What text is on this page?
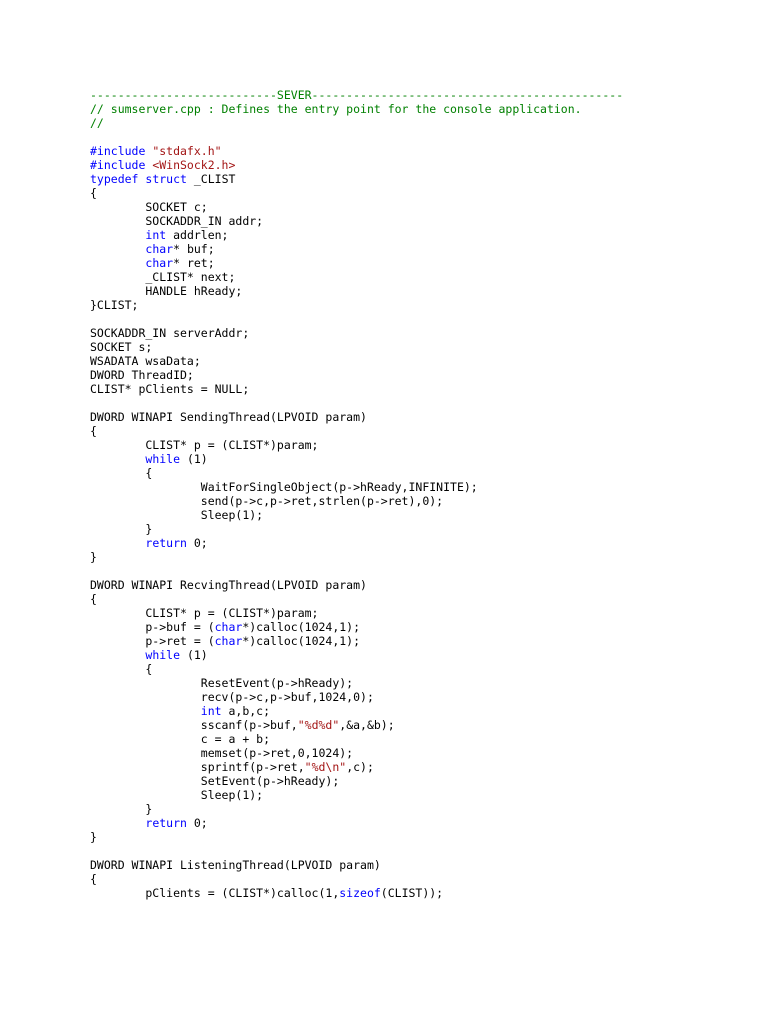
---------------------------SEVER---------------------------------------------
// sumserver.cpp : Defines the entry point for the console application.
//

#include "stdafx.h"
#include <WinSock2.h>
typedef struct _CLIST
{
SOCKET c;
SOCKADDR_IN addr;
int addrlen;
char* buf;
char* ret;
_CLIST* next;
HANDLE hReady;
}CLIST;

SOCKADDR_IN serverAddr;
SOCKET s;
WSADATA wsaData;
DWORD ThreadID;
CLIST* pClients = NULL;

DWORD WINAPI SendingThread(LPVOID param)
{
CLIST* p = (CLIST*)param;
while (1)
{
WaitForSingleObject(p->hReady,INFINITE);
send(p->c,p->ret,strlen(p->ret),0);
Sleep(1);
}
return 0;
}

DWORD WINAPI RecvingThread(LPVOID param)
{
CLIST* p = (CLIST*)param;
p->buf = (char*)calloc(1024,1);
p->ret = (char*)calloc(1024,1);
while (1)
{
ResetEvent(p->hReady);
recv(p->c,p->buf,1024,0);
int a,b,c;
sscanf(p->buf,"%d%d",&a,&b);
c = a + b;
memset(p->ret,0,1024);
sprintf(p->ret,"%d\n",c);
SetEvent(p->hReady);
Sleep(1);
}
return 0;
}

DWORD WINAPI ListeningThread(LPVOID param)
{
pClients = (CLIST*)calloc(1,sizeof(CLIST));
